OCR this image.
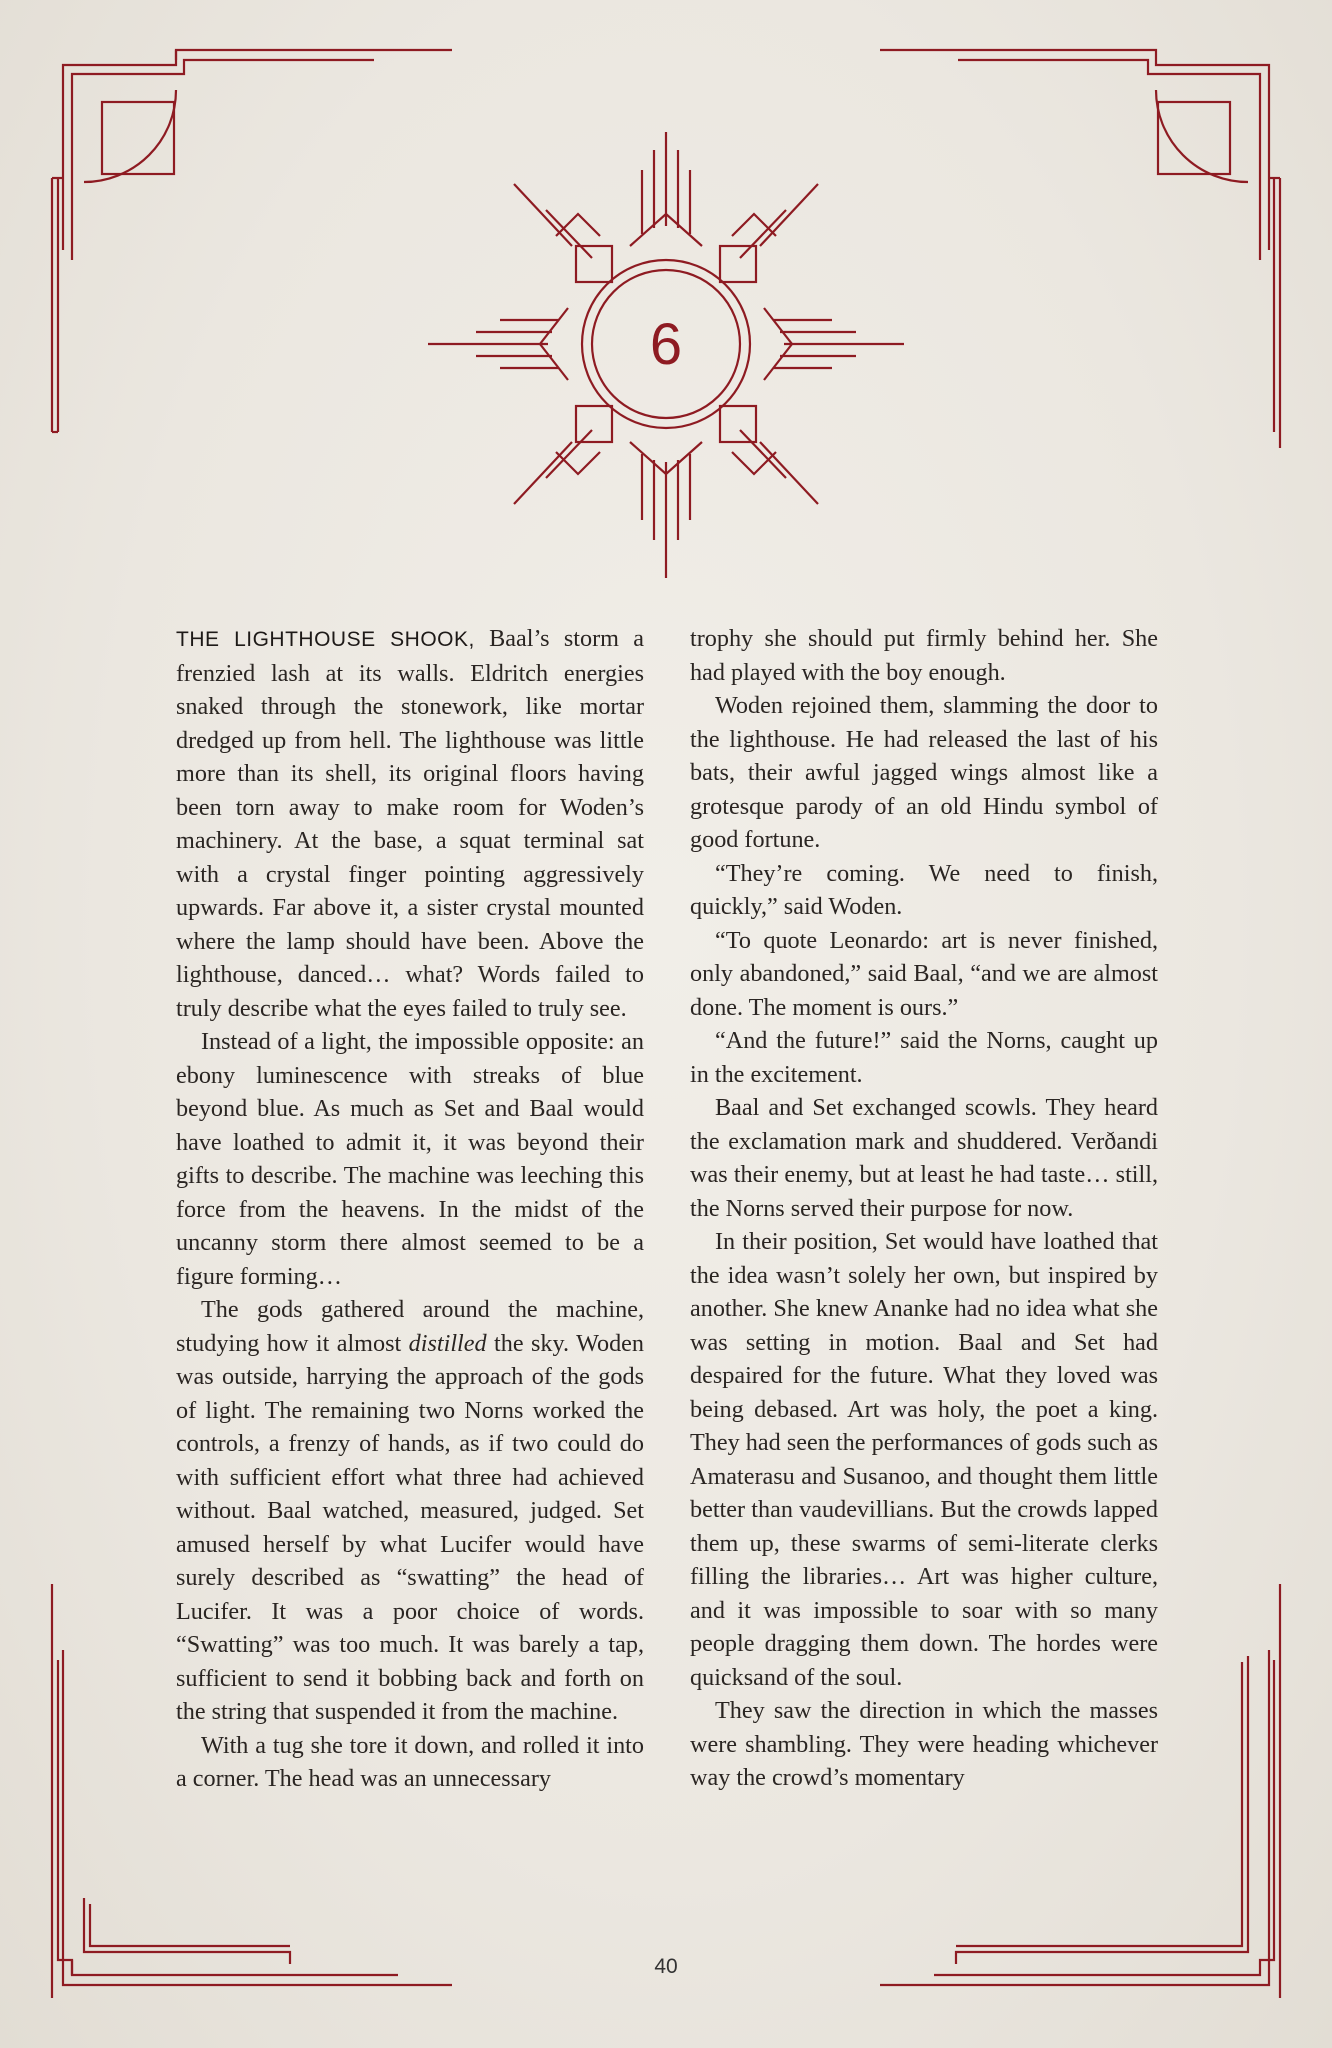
6

THE LIGHTHOUSE SHOOK, Baal’s storm a frenzied lash at its walls. Eldritch energies snaked through the stonework, like mortar dredged up from hell. The lighthouse was little more than its shell, its original floors having been torn away to make room for Woden’s machinery. At the base, a squat terminal sat with a crystal finger pointing aggressively upwards. Far above it, a sister crystal mounted where the lamp should have been. Above the lighthouse, danced… what? Words failed to truly describe what the eyes failed to truly see.

Instead of a light, the impossible opposite: an ebony luminescence with streaks of blue beyond blue. As much as Set and Baal would have loathed to admit it, it was beyond their gifts to describe. The machine was leeching this force from the heavens. In the midst of the uncanny storm there almost seemed to be a figure forming…

The gods gathered around the machine, studying how it almost distilled the sky. Woden was outside, harrying the approach of the gods of light. The remaining two Norns worked the controls, a frenzy of hands, as if two could do with sufficient effort what three had achieved without. Baal watched, measured, judged. Set amused herself by what Lucifer would have surely described as “swatting” the head of Lucifer. It was a poor choice of words. “Swatting” was too much. It was barely a tap, sufficient to send it bobbing back and forth on the string that suspended it from the machine.

With a tug she tore it down, and rolled it into a corner. The head was an unnecessary

trophy she should put firmly behind her. She had played with the boy enough.

Woden rejoined them, slamming the door to the lighthouse. He had released the last of his bats, their awful jagged wings almost like a grotesque parody of an old Hindu symbol of good fortune.

“They’re coming. We need to finish, quickly,” said Woden.

“To quote Leonardo: art is never finished, only abandoned,” said Baal, “and we are almost done. The moment is ours.”

“And the future!” said the Norns, caught up in the excitement.

Baal and Set exchanged scowls. They heard the exclamation mark and shuddered. Verðandi was their enemy, but at least he had taste… still, the Norns served their purpose for now.

In their position, Set would have loathed that the idea wasn’t solely her own, but inspired by another. She knew Ananke had no idea what she was setting in motion. Baal and Set had despaired for the future. What they loved was being debased. Art was holy, the poet a king. They had seen the performances of gods such as Amaterasu and Susanoo, and thought them little better than vaudevillians. But the crowds lapped them up, these swarms of semi-literate clerks filling the libraries… Art was higher culture, and it was impossible to soar with so many people dragging them down. The hordes were quicksand of the soul.

They saw the direction in which the masses were shambling. They were heading whichever way the crowd’s momentary

40
